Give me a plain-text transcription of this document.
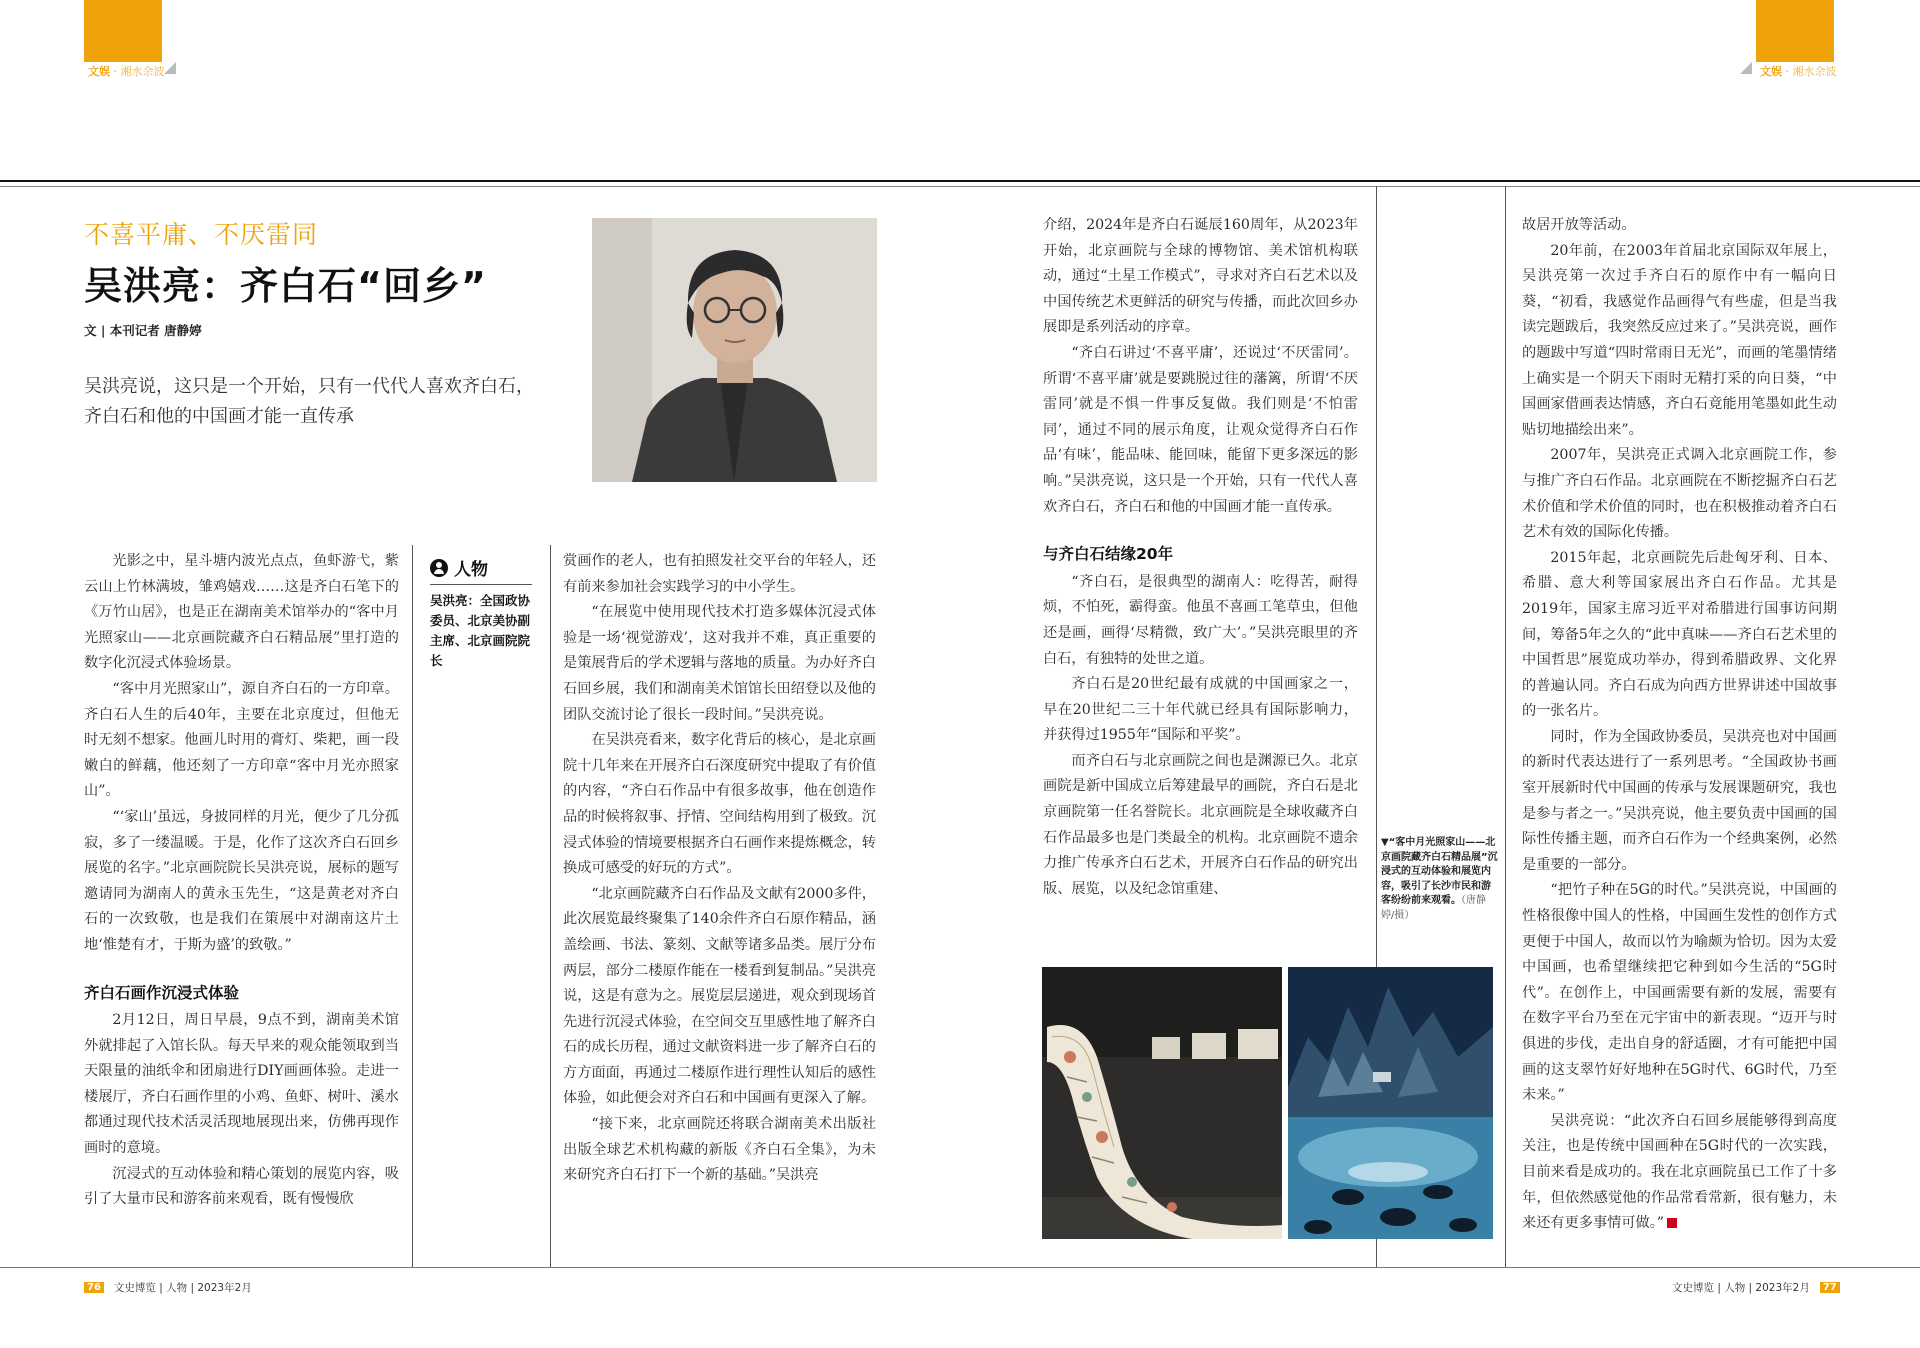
文娱 · 湘水余波	文娱 · 湘水余波
不喜平庸、不厌雷同
吴洪亮：齐白石“回乡”
文 | 本刊记者 唐静婷
吴洪亮说，这只是一个开始，只有一代代人喜欢齐白石，齐白石和他的中国画才能一直传承

光影之中，星斗塘内波光点点，鱼虾游弋，紫云山上竹林满坡，雏鸡嬉戏……这是齐白石笔下的《万竹山居》，也是正在湖南美术馆举办的“客中月光照家山——北京画院藏齐白石精品展”里打造的数字化沉浸式体验场景。

“客中月光照家山”，源自齐白石的一方印章。齐白石人生的后40年，主要在北京度过，但他无时无刻不想家。他画儿时用的膏灯、柴耙，画一段嫩白的鲜藕，他还刻了一方印章“客中月光亦照家山”。

“‘家山’虽远，身披同样的月光，便少了几分孤寂，多了一缕温暖。于是，化作了这次齐白石回乡展览的名字。”北京画院院长吴洪亮说，展标的题写邀请同为湖南人的黄永玉先生，“这是黄老对齐白石的一次致敬，也是我们在策展中对湖南这片土地‘惟楚有才，于斯为盛’的致敬。”

齐白石画作沉浸式体验

2月12日，周日早晨，9点不到，湖南美术馆外就排起了入馆长队。每天早来的观众能领取到当天限量的油纸伞和团扇进行DIY画画体验。走进一楼展厅，齐白石画作里的小鸡、鱼虾、树叶、溪水都通过现代技术活灵活现地展现出来，仿佛再现作画时的意境。

沉浸式的互动体验和精心策划的展览内容，吸引了大量市民和游客前来观看，既有慢慢欣

人物
吴洪亮：全国政协委员、北京美协副主席、北京画院院长

赏画作的老人，也有拍照发社交平台的年轻人，还有前来参加社会实践学习的中小学生。

“在展览中使用现代技术打造多媒体沉浸式体验是一场‘视觉游戏’，这对我并不难，真正重要的是策展背后的学术逻辑与落地的质量。为办好齐白石回乡展，我们和湖南美术馆馆长田绍登以及他的团队交流讨论了很长一段时间。”吴洪亮说。

在吴洪亮看来，数字化背后的核心，是北京画院十几年来在开展齐白石深度研究中提取了有价值的内容，“齐白石作品中有很多故事，他在创造作品的时候将叙事、抒情、空间结构用到了极致。沉浸式体验的情境要根据齐白石画作来提炼概念，转换成可感受的好玩的方式”。

“北京画院藏齐白石作品及文献有2000多件，此次展览最终聚集了140余件齐白石原作精品，涵盖绘画、书法、篆刻、文献等诸多品类。展厅分布两层，部分二楼原作能在一楼看到复制品。”吴洪亮说，这是有意为之。展览层层递进，观众到现场首先进行沉浸式体验，在空间交互里感性地了解齐白石的成长历程，通过文献资料进一步了解齐白石的方方面面，再通过二楼原作进行理性认知后的感性体验，如此便会对齐白石和中国画有更深入了解。

“接下来，北京画院还将联合湖南美术出版社出版全球艺术机构藏的新版《齐白石全集》，为未来研究齐白石打下一个新的基础。”吴洪亮

介绍，2024年是齐白石诞辰160周年，从2023年开始，北京画院与全球的博物馆、美术馆机构联动，通过“土星工作模式”，寻求对齐白石艺术以及中国传统艺术更鲜活的研究与传播，而此次回乡办展即是系列活动的序章。

“齐白石讲过‘不喜平庸’，还说过‘不厌雷同’。所谓‘不喜平庸’就是要跳脱过往的藩篱，所谓‘不厌雷同’就是不惧一件事反复做。我们则是‘不怕雷同’，通过不同的展示角度，让观众觉得齐白石作品‘有味’，能品味、能回味，能留下更多深远的影响。”吴洪亮说，这只是一个开始，只有一代代人喜欢齐白石，齐白石和他的中国画才能一直传承。

与齐白石结缘20年

“齐白石，是很典型的湖南人：吃得苦，耐得烦，不怕死，霸得蛮。他虽不喜画工笔草虫，但他还是画，画得‘尽精微，致广大’。”吴洪亮眼里的齐白石，有独特的处世之道。

齐白石是20世纪最有成就的中国画家之一，早在20世纪二三十年代就已经具有国际影响力，并获得过1955年“国际和平奖”。

而齐白石与北京画院之间也是渊源已久。北京画院是新中国成立后筹建最早的画院，齐白石是北京画院第一任名誉院长。北京画院是全球收藏齐白石作品最多也是门类最全的机构。北京画院不遗余力推广传承齐白石艺术，开展齐白石作品的研究出版、展览，以及纪念馆重建、

▼“客中月光照家山——北京画院藏齐白石精品展”沉浸式的互动体验和展览内容，吸引了长沙市民和游客纷纷前来观看。（唐静婷/摄）

故居开放等活动。

20年前，在2003年首届北京国际双年展上，吴洪亮第一次过手齐白石的原作中有一幅向日葵，“初看，我感觉作品画得气有些虚，但是当我读完题跋后，我突然反应过来了。”吴洪亮说，画作的题跋中写道“四时常雨日无光”，而画的笔墨情绪上确实是一个阴天下雨时无精打采的向日葵，“中国画家借画表达情感，齐白石竟能用笔墨如此生动贴切地描绘出来”。

2007年，吴洪亮正式调入北京画院工作，参与推广齐白石作品。北京画院在不断挖掘齐白石艺术价值和学术价值的同时，也在积极推动着齐白石艺术有效的国际化传播。

2015年起，北京画院先后赴匈牙利、日本、希腊、意大利等国家展出齐白石作品。尤其是2019年，国家主席习近平对希腊进行国事访问期间，筹备5年之久的“此中真味——齐白石艺术里的中国哲思”展览成功举办，得到希腊政界、文化界的普遍认同。齐白石成为向西方世界讲述中国故事的一张名片。

同时，作为全国政协委员，吴洪亮也对中国画的新时代表达进行了一系列思考。“全国政协书画室开展新时代中国画的传承与发展课题研究，我也是参与者之一。”吴洪亮说，他主要负责中国画的国际性传播主题，而齐白石作为一个经典案例，必然是重要的一部分。

“把竹子种在5G的时代。”吴洪亮说，中国画的性格很像中国人的性格，中国画生发性的创作方式更便于中国人，故而以竹为喻颇为恰切。因为太爱中国画，也希望继续把它种到如今生活的“5G时代”。在创作上，中国画需要有新的发展，需要有在数字平台乃至在元宇宙中的新表现。“迈开与时俱进的步伐，走出自身的舒适圈，才有可能把中国画的这支翠竹好好地种在5G时代、6G时代，乃至未来。”

吴洪亮说：“此次齐白石回乡展能够得到高度关注，也是传统中国画种在5G时代的一次实践，目前来看是成功的。我在北京画院虽已工作了十多年，但依然感觉他的作品常看常新，很有魅力，未来还有更多事情可做。”

76 文史博览 | 人物 | 2023年2月	文史博览 | 人物 | 2023年2月	77
